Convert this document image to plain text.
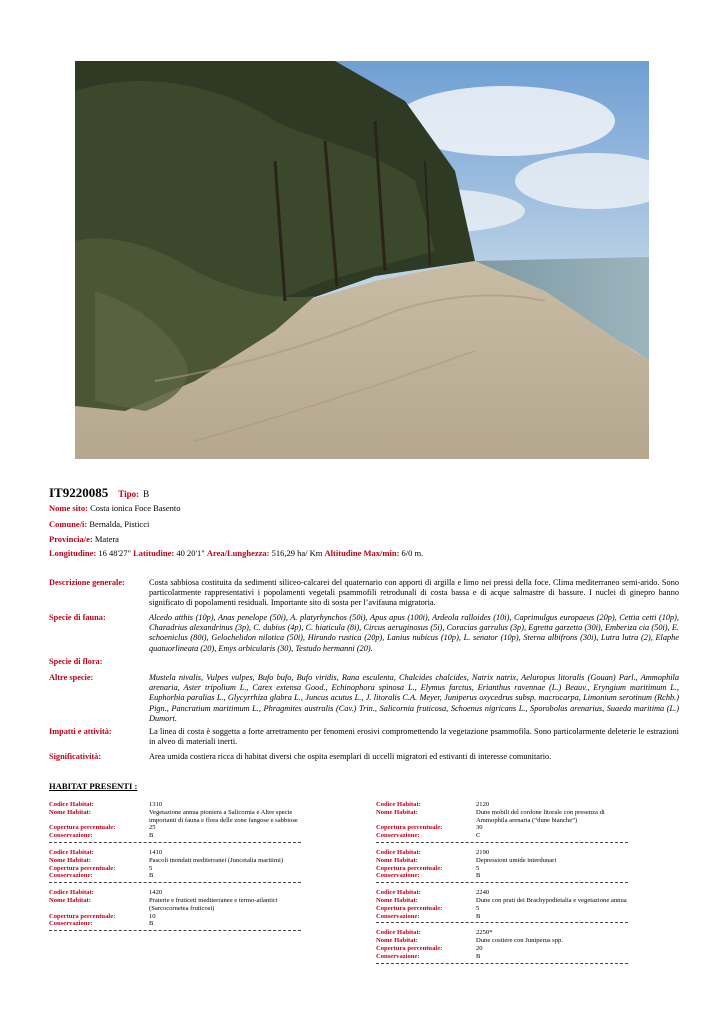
IT9220085 Tipo: B
Nome sito: Costa ionica Foce Basento
Comune/i: Bernalda, Pisticci
Provincia/e: Matera
Longitudine: 16 48'27" Latitudine: 40 20'1" Area/Lunghezza: 516,29 ha/ Km Altitudine Max/min: 6/0 m.
Descrizione generale:	Costa sabbiosa costituita da sedimenti siliceo-calcarei del quaternario con apporti di argilla e limo nei pressi della foce. Clima mediterraneo semi-arido. Sono particolarmente rappresentativi i popolamenti vegetali psammofili retrodunali di costa bassa e di acque salmastre di bassure. I nuclei di ginepro hanno significato di popolamenti residuali. Importante sito di sosta per l’avifauna migratoria.
Specie di fauna:	Alcedo atthis (10p), Anas penelope (50i), A. platyrhynchos (50i), Apus apus (100i), Ardeola ralloides (10i), Caprimulgus europaeus (20p), Cettia cetti (10p), Charadrius alexandrinus (3p), C. dubius (4p), C. hiaticula (8i), Circus aeruginosus (5i), Coracias garrulus (3p), Egretta garzetta (30i), Emberiza cia (50i), E. schoeniclus (80i), Gelochelidon nilotica (50i), Hirundo rustica (20p), Lanius nubicus (10p), L. senator (10p), Sterna albifrons (30i), Lutra lutra (2), Elaphe quatuorlineata (20), Emys orbicularis (30), Testudo hermanni (20).
Specie di flora:
Altre specie:	Mustela nivalis, Vulpes vulpes, Bufo bufo, Bufo viridis, Rana esculenta, Chalcides chalcides, Natrix natrix, Aeluropus litoralis (Gouan) Parl., Ammophila arenaria, Aster tripolium L., Carex extensa Good., Echinophora spinosa L., Elymus farctus, Erianthus ravennae (L.) Beauv., Eryngium maritimum L., Euphorbia paralias L., Glycyrrhiza glabra L., Juncus acutus L., J. litoralis C.A. Meyer, Juniperus oxycedrus subsp. macrocarpa, Limonium serotinum (Rchb.) Pign., Pancratium maritimum L., Phragmites australis (Cav.) Trin., Salicornia fruticosa, Schoenus nigricans L., Sporobolus arenarius, Suaeda maritima (L.) Dumort.
Impatti e attività:	La linea di costa è soggetta a forte arretramento per fenomeni erosivi compromettendo la vegetazione psammofila. Sono particolarmente deleterie le estrazioni in alveo di materiali inerti.
Significatività:	Area umida costiera ricca di habitat diversi che ospita esemplari di uccelli migratori ed estivanti di interesse comunitario.
HABITAT PRESENTI :
Codice Habitat:	1310
Nome Habitat:	Vegetazione annua pioniera a Salicornia e Altre specie importanti di fauna e flora delle zone fangose e sabbiose
Copertura percentuale:	25
Conservazione:	B
Codice Habitat:	1410
Nome Habitat:	Pascoli inondati mediterranei (Juncetalia maritimi)
Copertura percentuale:	5
Conservazione:	B
Codice Habitat:	1420
Nome Habitat:	Praterie e fruticeti mediterranee e termo-atlantici (Sarcocornetea fruticosi)
Copertura percentuale:	10
Conservazione:	B
Codice Habitat:	2120
Nome Habitat:	Dune mobili del cordone litorale con presenza di Ammophila arenaria (“dune bianche”)
Copertura percentuale:	30
Conservazione:	C
Codice Habitat:	2190
Nome Habitat:	Depressioni umide interdunari
Copertura percentuale:	5
Conservazione:	B
Codice Habitat:	2240
Nome Habitat:	Dune con prati dei Brachypodietalia e vegetazione annua
Copertura percentuale:	5
Conservazione:	B
Codice Habitat:	2250*
Nome Habitat:	Dune costiere con Juniperus spp.
Copertura percentuale:	20
Conservazione:	B
